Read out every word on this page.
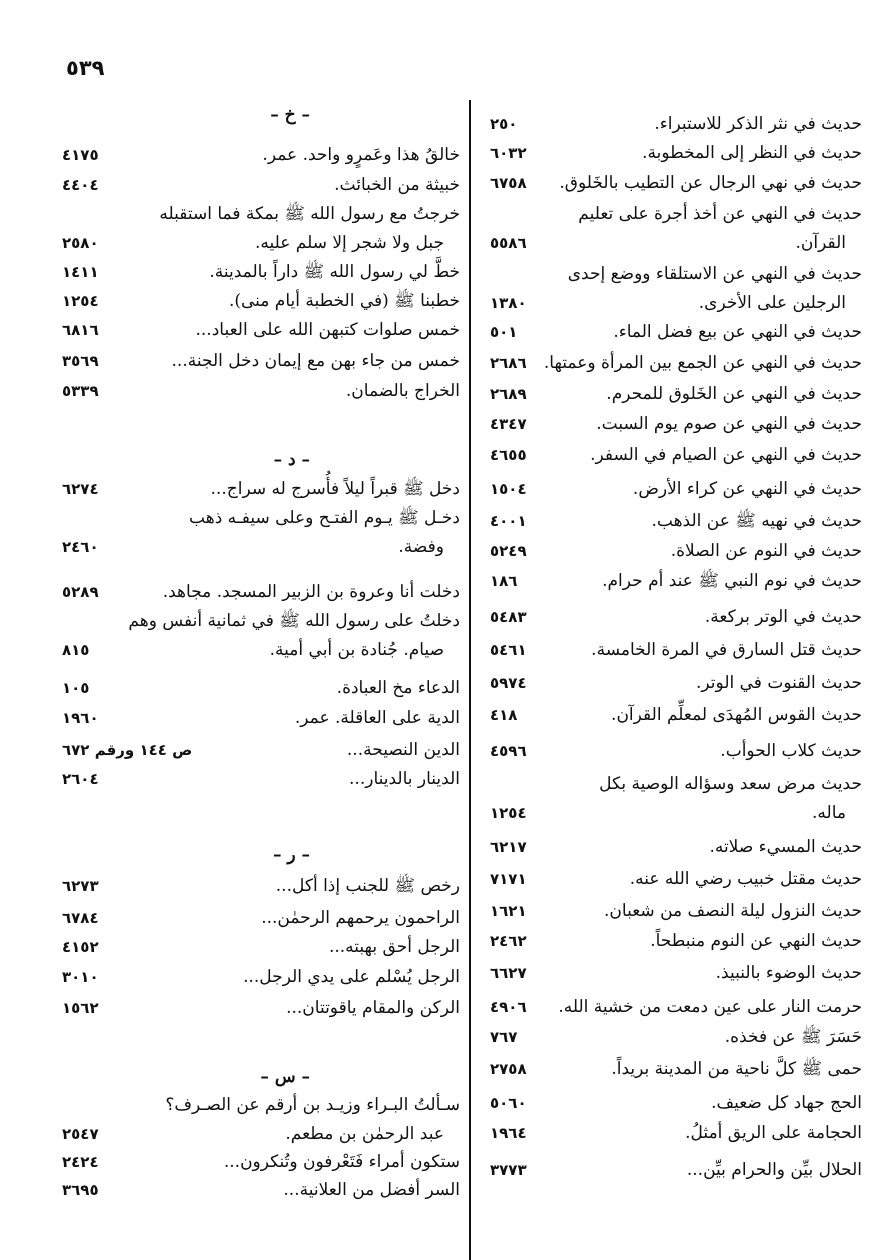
٥٣٩
حديث في نثر الذكر للاستبراء.
٢٥٠
حديث في النظر إلى المخطوبة.
٦٠٣٢
حديث في نهي الرجال عن التطيب بالخَلوق.
٦٧٥٨
حديث في النهي عن أخذ أجرة على تعليم
القرآن.
٥٥٨٦
حديث في النهي عن الاستلقاء ووضع إحدى
الرجلين على الأخرى.
١٣٨٠
حديث في النهي عن بيع فضل الماء.
٥٠١
حديث في النهي عن الجمع بين المرأة وعمتها.
٢٦٨٦
حديث في النهي عن الخَلوق للمحرم.
٢٦٨٩
حديث في النهي عن صوم يوم السبت.
٤٣٤٧
حديث في النهي عن الصيام في السفر.
٤٦٥٥
حديث في النهي عن كراء الأرض.
١٥٠٤
حديث في نهيه ﷺ عن الذهب.
٤٠٠١
حديث في النوم عن الصلاة.
٥٢٤٩
حديث في نوم النبي ﷺ عند أم حرام.
١٨٦
حديث في الوتر بركعة.
٥٤٨٣
حديث قتل السارق في المرة الخامسة.
٥٤٦١
حديث القنوت في الوتر.
٥٩٧٤
حديث القوس المُهدَى لمعلِّم القرآن.
٤١٨
حديث كلاب الحوأب.
٤٥٩٦
حديث مرض سعد وسؤاله الوصية بكل
ماله.
١٢٥٤
حديث المسيء صلاته.
٦٢١٧
حديث مقتل خبيب رضي الله عنه.
٧١٧١
حديث النزول ليلة النصف من شعبان.
١٦٢١
حديث النهي عن النوم منبطحاً.
٢٤٦٢
حديث الوضوء بالنبيذ.
٦٦٢٧
حرمت النار على عين دمعت من خشية الله.
٤٩٠٦
حَسَرَ ﷺ عن فخذه.
٧٦٧
حمى ﷺ كلَّ ناحية من المدينة بريداً.
٢٧٥٨
الحج جهاد كل ضعيف.
٥٠٦٠
الحجامة على الريق أمثلُ.
١٩٦٤
الحلال بيِّن والحرام بيِّن...
٣٧٧٣
– خ –
خالقُ هذا وعَمرٍو واحد. عمر.
٤١٧٥
خبيثة من الخبائث.
٤٤٠٤
خرجتُ مع رسول الله ﷺ بمكة فما استقبله
جبل ولا شجر إلا سلم عليه.
٢٥٨٠
خطَّ لي رسول الله ﷺ داراً بالمدينة.
١٤١١
خطبنا ﷺ (في الخطبة أيام منى).
١٢٥٤
خمس صلوات كتبهن الله على العباد...
٦٨١٦
خمس من جاء بهن مع إيمان دخل الجنة...
٣٥٦٩
الخراج بالضمان.
٥٣٣٩
– د –
دخل ﷺ قبراً ليلاً فأُسرج له سراج...
٦٢٧٤
دخـل ﷺ يـوم الفتـح وعلى سيفـه ذهب
وفضة.
٢٤٦٠
دخلت أنا وعروة بن الزبير المسجد. مجاهد.
٥٢٨٩
دخلتُ على رسول الله ﷺ في ثمانية أنفس وهم
صيام. جُنادة بن أبي أمية.
٨١٥
الدعاء مخ العبادة.
١٠٥
الدية على العاقلة. عمر.
١٩٦٠
الدين النصيحة...
ص ١٤٤ ورقم ٦٧٢
الدينار بالدينار...
٢٦٠٤
– ر –
رخص ﷺ للجنب إذا أكل...
٦٢٧٣
الراحمون يرحمهم الرحمٰن...
٦٧٨٤
الرجل أحق بهبته...
٤١٥٢
الرجل يُسْلم على يدي الرجل...
٣٠١٠
الركن والمقام ياقوتتان...
١٥٦٢
– س –
سـألتُ البـراء وزيـد بن أرقم عن الصـرف؟
عبد الرحمٰن بن مطعم.
٢٥٤٧
ستكون أمراء فَتَعْرفون وتُنكرون...
٢٤٢٤
السر أفضل من العلانية...
٣٦٩٥
